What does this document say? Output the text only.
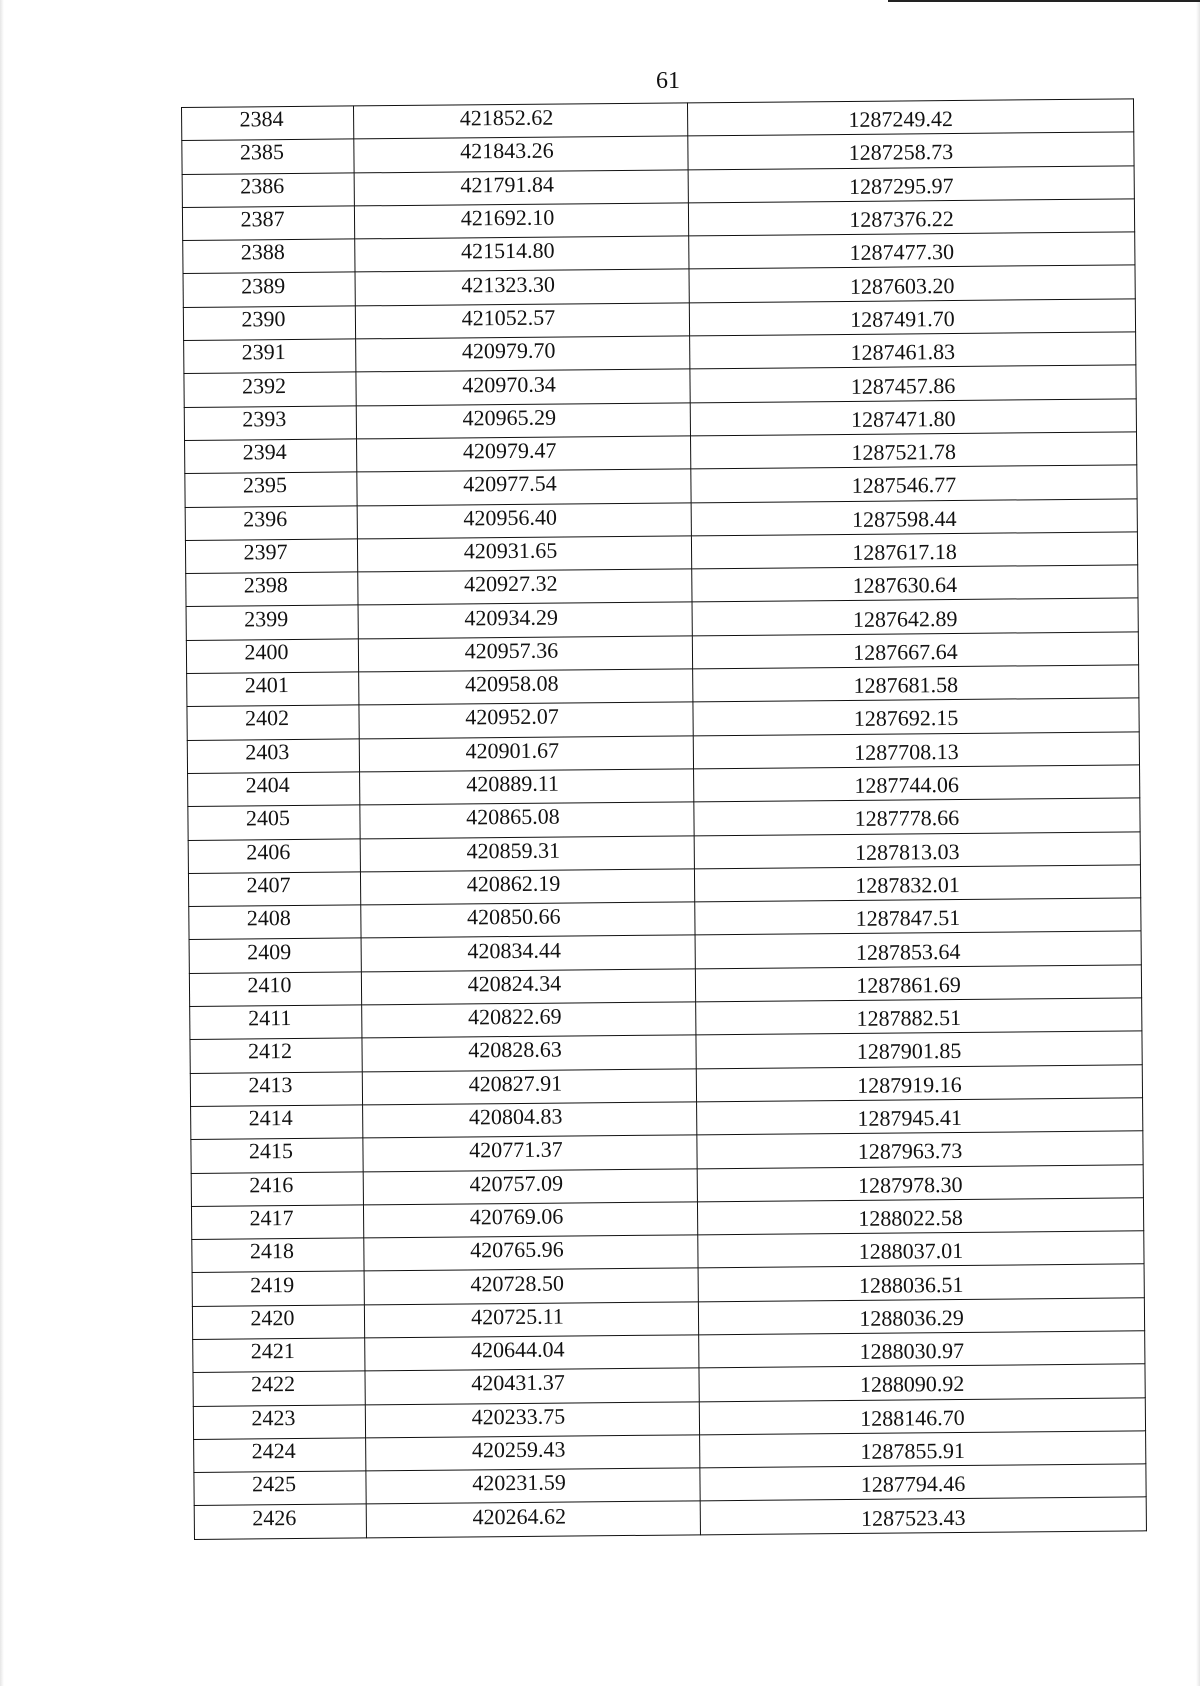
61
2384	421852.62	1287249.42
2385	421843.26	1287258.73
2386	421791.84	1287295.97
2387	421692.10	1287376.22
2388	421514.80	1287477.30
2389	421323.30	1287603.20
2390	421052.57	1287491.70
2391	420979.70	1287461.83
2392	420970.34	1287457.86
2393	420965.29	1287471.80
2394	420979.47	1287521.78
2395	420977.54	1287546.77
2396	420956.40	1287598.44
2397	420931.65	1287617.18
2398	420927.32	1287630.64
2399	420934.29	1287642.89
2400	420957.36	1287667.64
2401	420958.08	1287681.58
2402	420952.07	1287692.15
2403	420901.67	1287708.13
2404	420889.11	1287744.06
2405	420865.08	1287778.66
2406	420859.31	1287813.03
2407	420862.19	1287832.01
2408	420850.66	1287847.51
2409	420834.44	1287853.64
2410	420824.34	1287861.69
2411	420822.69	1287882.51
2412	420828.63	1287901.85
2413	420827.91	1287919.16
2414	420804.83	1287945.41
2415	420771.37	1287963.73
2416	420757.09	1287978.30
2417	420769.06	1288022.58
2418	420765.96	1288037.01
2419	420728.50	1288036.51
2420	420725.11	1288036.29
2421	420644.04	1288030.97
2422	420431.37	1288090.92
2423	420233.75	1288146.70
2424	420259.43	1287855.91
2425	420231.59	1287794.46
2426	420264.62	1287523.43
